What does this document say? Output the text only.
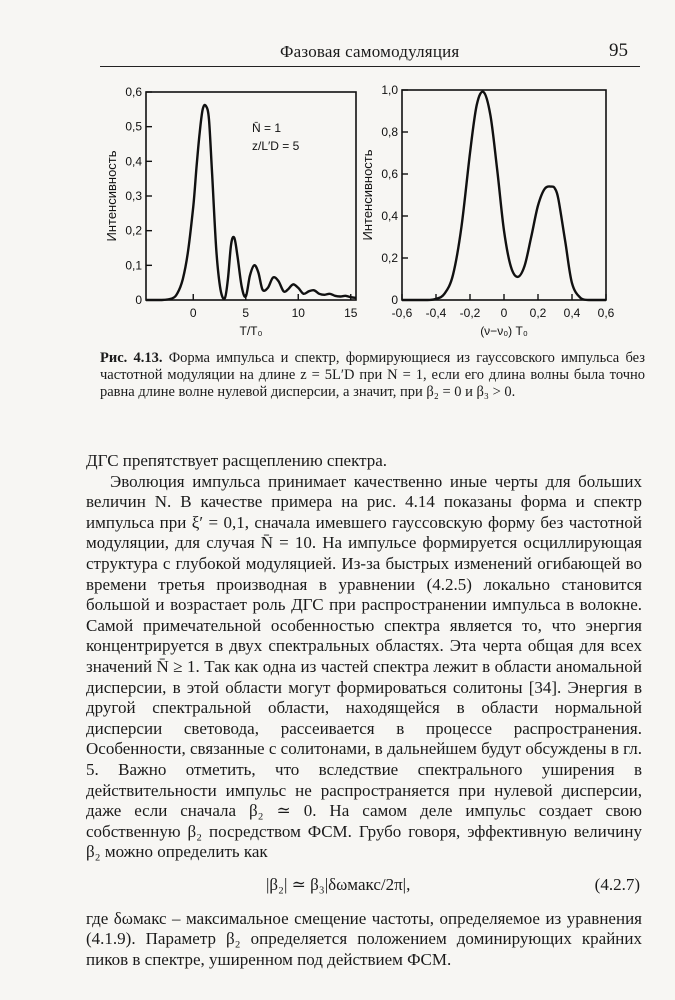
Фазовая самомодуляция	95
0	5	10	15
0
0,1
0,2
0,3
0,4
0,5
0,6
Интенсивность
T/T₀
N̄ = 1
z/L′D = 5
-0,6 -0,4 -0,2 0 0,2 0,4 0,6
0
0,2
0,4
0,6
0,8
1,0
Интенсивность
(ν−ν₀) T₀
Рис. 4.13. Форма импульса и спектр, формирующиеся из гауссовского импульса без частотной модуляции на длине z = 5L′D при N = 1, если его длина волны была точно равна длине волне нулевой дисперсии, а значит, при β₂ = 0 и β₃ > 0.

ДГС препятствует расщеплению спектра.

Эволюция импульса принимает качественно иные черты для больших величин N. В качестве примера на рис. 4.14 показаны форма и спектр импульса при ξ′ = 0,1, сначала имевшего гауссовскую форму без частотной модуляции, для случая N̄ = 10. На импульсе формируется осциллирующая структура с глубокой модуляцией. Из-за быстрых изменений огибающей во времени третья производная в уравнении (4.2.5) локально становится большой и возрастает роль ДГС при распространении импульса в волокне. Самой примечательной особенностью спектра является то, что энергия концентрируется в двух спектральных областях. Эта черта общая для всех значений N̄ ≥ 1. Так как одна из частей спектра лежит в области аномальной дисперсии, в этой области могут формироваться солитоны [34]. Энергия в другой спектральной области, находящейся в области нормальной дисперсии световода, рассеивается в процессе распространения. Особенности, связанные с солитонами, в дальнейшем будут обсуждены в гл. 5. Важно отметить, что вследствие спектрального уширения в действительности импульс не распространяется при нулевой дисперсии, даже если сначала β₂ ≃ 0. На самом деле импульс создает свою собственную β₂ посредством ФСМ. Грубо говоря, эффективную величину β₂ можно определить как

|β₂| ≃ β₃|δωмакс/2π|,	(4.2.7)

где δωмакс – максимальное смещение частоты, определяемое из уравнения (4.1.9). Параметр β₂ определяется положением доминирующих крайних пиков в спектре, уширенном под действием ФСМ.
